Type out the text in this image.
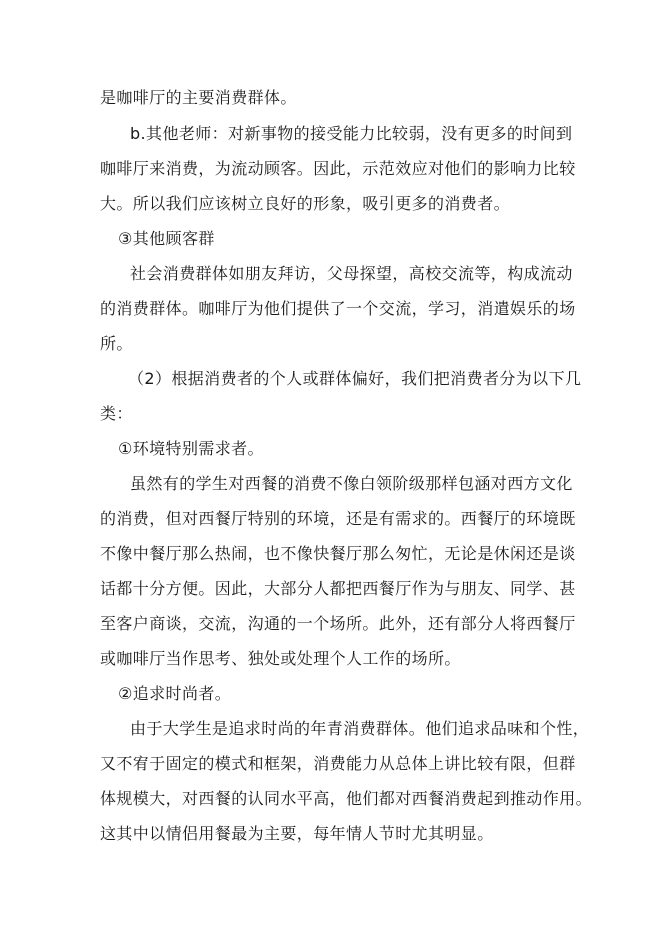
是咖啡厅的主要消费群体。
b.其他老师：对新事物的接受能力比较弱，没有更多的时间到
咖啡厅来消费，为流动顾客。因此，示范效应对他们的影响力比较
大。所以我们应该树立良好的形象，吸引更多的消费者。
③其他顾客群
社会消费群体如朋友拜访，父母探望，高校交流等，构成流动
的消费群体。咖啡厅为他们提供了一个交流，学习，消遣娱乐的场
所。
（2）根据消费者的个人或群体偏好，我们把消费者分为以下几
类：
①环境特别需求者。
虽然有的学生对西餐的消费不像白领阶级那样包涵对西方文化
的消费，但对西餐厅特别的环境，还是有需求的。西餐厅的环境既
不像中餐厅那么热闹，也不像快餐厅那么匆忙，无论是休闲还是谈
话都十分方便。因此，大部分人都把西餐厅作为与朋友、同学、甚
至客户商谈，交流，沟通的一个场所。此外，还有部分人将西餐厅
或咖啡厅当作思考、独处或处理个人工作的场所。
②追求时尚者。
由于大学生是追求时尚的年青消费群体。他们追求品味和个性，
又不宥于固定的模式和框架，消费能力从总体上讲比较有限，但群
体规模大，对西餐的认同水平高，他们都对西餐消费起到推动作用。
这其中以情侣用餐最为主要，每年情人节时尤其明显。
